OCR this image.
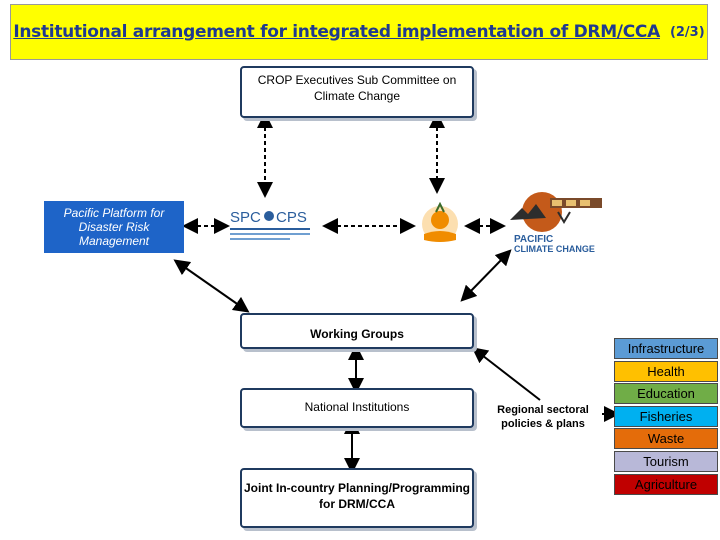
Institutional arrangement for integrated implementation of DRM/CCA (2/3)
CROP Executives Sub Committee on Climate Change
Pacific Platform for Disaster Risk Management
SPC CPS
PACIFIC
CLIMATE CHANGE
Working Groups
National Institutions
Joint In-country Planning/Programming for DRM/CCA
Regional sectoral policies & plans
Infrastructure
Health
Education
Fisheries
Waste
Tourism
Agriculture
